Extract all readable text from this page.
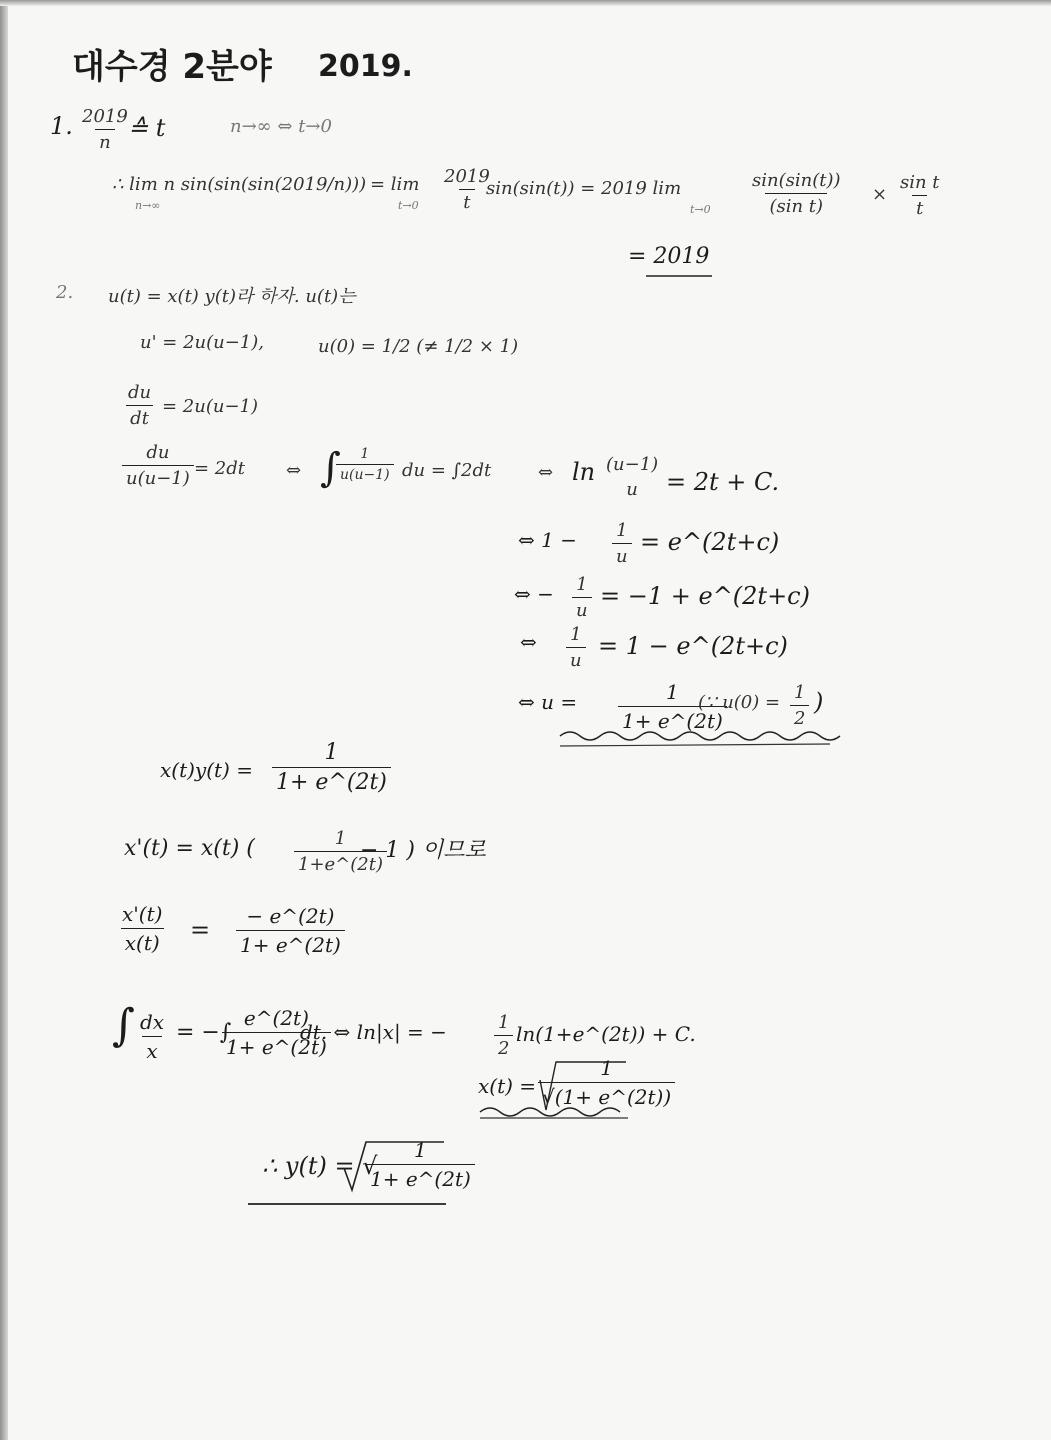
대수경 2분야 2019.
1. $\frac{2019}{n}$
≙ t	n→∞ ⇔ t→0
∴ lim n sin(sin(sin(2019/n)))
n→∞
= lim
$t\to 0 \frac{2019}{t}$
sin(sin(t)) = 2019 lim
$t\to 0 \frac{\sin(\sin(t))}{\text{(sin t)}} \times \frac{\text{sin t}}{t}$
= 2019
2. u(t) = x(t) y(t)라 하자. u(t)는
u' = 2u(u−1),	u(0) = 1/2 (≠ 1/2 × 1)
$\frac{du}{dt} = 2u(u-1)$
$\frac{du}{u(u-1)} = 2dt$ ⇔ ∫
$\frac{1}{u(u-1)}$ du = ∫2dt	⇔ ln (u−1)
u = 2t + C.
⇔ $1 - \frac{1}{u}$ = e^(2t+c)
⇔ − $\frac{1}{u} = -1$ + e^(2t+c)
⇔ $\frac{1}{u} = 1$ − e^(2t+c)
⇔ $u = \frac{1}{1+ e\^{}(2t)}$
(∵ $u(0) = \frac{1}{2}$ )
$x(t)y(t) = \frac{1}{1+ e\^{}(2t)}$
x'(t) = x(t) ( $\frac{1}{1+e\^{}(2t)}$
− 1 ) 이므로
$\frac{x'(t)}{x(t)} = \frac{- e\^{}(2t)}{1+ e\^{}(2t)}$
∫ $\frac{dx}{x}$ = −∫
$\frac{e\^{}(2t)}{1+ e\^{}(2t)}$
dt. ⇔ ln|x| = −	$\frac{1}{2}$ ln(1+e^(2t)) + C.
$x(t) = \frac{1}{√(1+ e\^{}(2t))}$
∴ y(t) = √
$\frac{1}{1+ e\^{}(2t)}$
